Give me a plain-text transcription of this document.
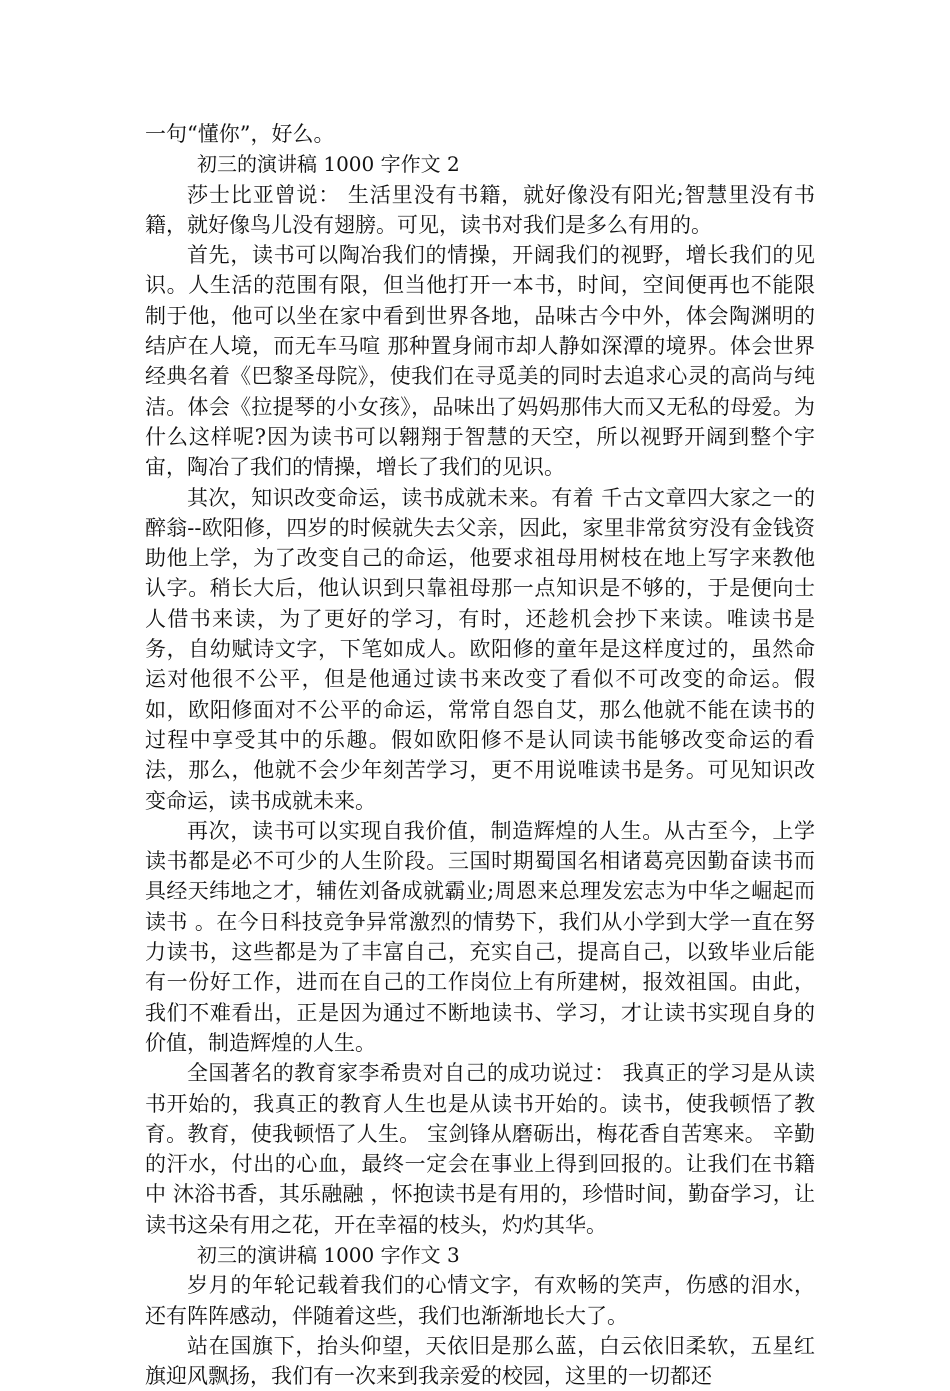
一句“懂你”，好么。

初三的演讲稿 1000 字作文 2

莎士比亚曾说： 生活里没有书籍，就好像没有阳光;智慧里没有书籍，就好像鸟儿没有翅膀。可见，读书对我们是多么有用的。

首先，读书可以陶冶我们的情操，开阔我们的视野，增长我们的见识。人生活的范围有限，但当他打开一本书，时间，空间便再也不能限制于他，他可以坐在家中看到世界各地，品味古今中外，体会陶渊明的 结庐在人境，而无车马喧 那种置身闹市却人静如深潭的境界。体会世界经典名着《巴黎圣母院》，使我们在寻觅美的同时去追求心灵的高尚与纯洁。体会《拉提琴的小女孩》，品味出了妈妈那伟大而又无私的母爱。为什么这样呢?因为读书可以翱翔于智慧的天空，所以视野开阔到整个宇宙，陶冶了我们的情操，增长了我们的见识。

其次，知识改变命运，读书成就未来。有着 千古文章四大家之一的醉翁--欧阳修，四岁的时候就失去父亲，因此，家里非常贫穷没有金钱资助他上学，为了改变自己的命运，他要求祖母用树枝在地上写字来教他认字。稍长大后，他认识到只靠祖母那一点知识是不够的，于是便向士人借书来读，为了更好的学习，有时，还趁机会抄下来读。唯读书是务，自幼赋诗文字，下笔如成人。欧阳修的童年是这样度过的，虽然命运对他很不公平，但是他通过读书来改变了看似不可改变的命运。假如，欧阳修面对不公平的命运，常常自怨自艾，那么他就不能在读书的过程中享受其中的乐趣。假如欧阳修不是认同读书能够改变命运的看法，那么，他就不会少年刻苦学习，更不用说唯读书是务。可见知识改变命运，读书成就未来。

再次，读书可以实现自我价值，制造辉煌的人生。从古至今，上学读书都是必不可少的人生阶段。三国时期蜀国名相诸葛亮因勤奋读书而具经天纬地之才，辅佐刘备成就霸业;周恩来总理发宏志为中华之崛起而读书 。在今日科技竞争异常激烈的情势下，我们从小学到大学一直在努力读书，这些都是为了丰富自己，充实自己，提高自己，以致毕业后能有一份好工作，进而在自己的工作岗位上有所建树，报效祖国。由此，我们不难看出，正是因为通过不断地读书、学习，才让读书实现自身的价值，制造辉煌的人生。

全国著名的教育家李希贵对自己的成功说过： 我真正的学习是从读书开始的，我真正的教育人生也是从读书开始的。读书，使我顿悟了教育。教育，使我顿悟了人生。 宝剑锋从磨砺出，梅花香自苦寒来。 辛勤的汗水，付出的心血，最终一定会在事业上得到回报的。让我们在书籍中 沐浴书香，其乐融融 ，怀抱读书是有用的，珍惜时间，勤奋学习，让读书这朵有用之花，开在幸福的枝头，灼灼其华。

初三的演讲稿 1000 字作文 3

岁月的年轮记载着我们的心情文字，有欢畅的笑声，伤感的泪水，还有阵阵感动，伴随着这些，我们也渐渐地长大了。

站在国旗下，抬头仰望，天依旧是那么蓝，白云依旧柔软，五星红旗迎风飘扬，我们有一次来到我亲爱的校园，这里的一切都还
